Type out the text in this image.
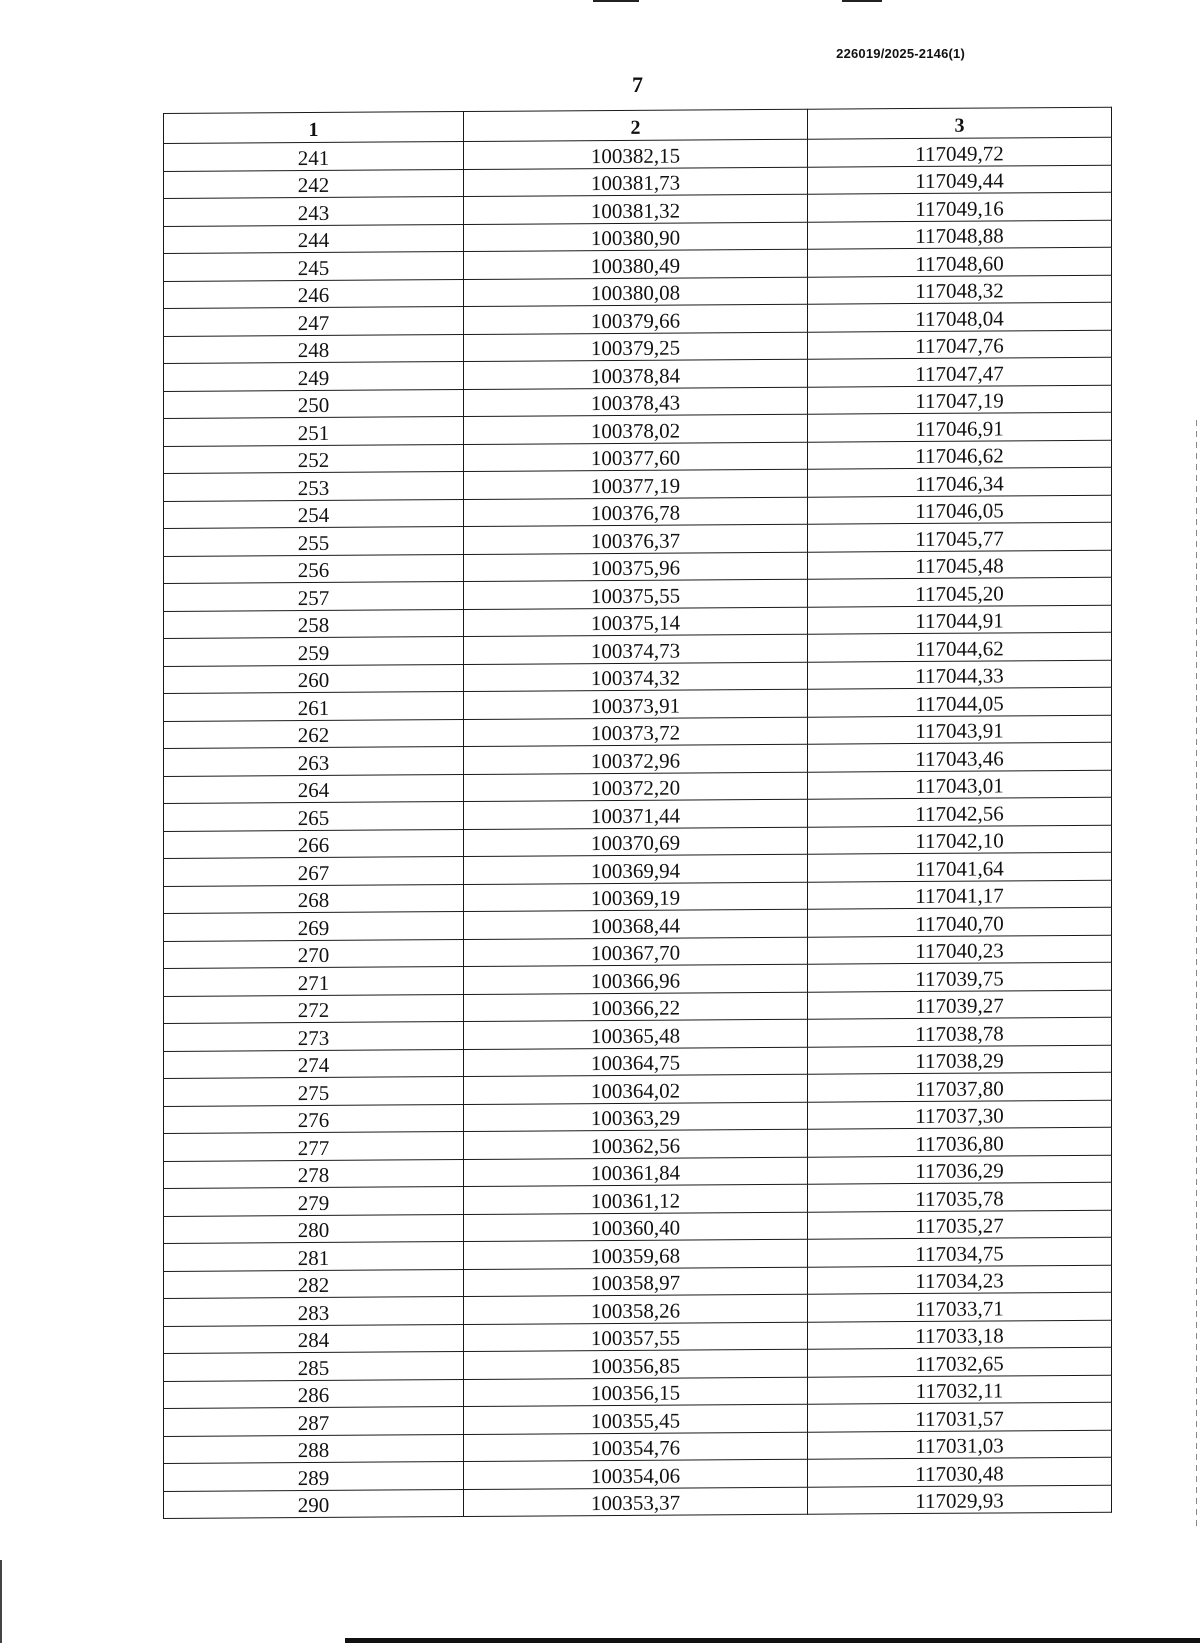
226019/2025-2146(1)
7
1	2	3
241	100382,15	117049,72
242	100381,73	117049,44
243	100381,32	117049,16
244	100380,90	117048,88
245	100380,49	117048,60
246	100380,08	117048,32
247	100379,66	117048,04
248	100379,25	117047,76
249	100378,84	117047,47
250	100378,43	117047,19
251	100378,02	117046,91
252	100377,60	117046,62
253	100377,19	117046,34
254	100376,78	117046,05
255	100376,37	117045,77
256	100375,96	117045,48
257	100375,55	117045,20
258	100375,14	117044,91
259	100374,73	117044,62
260	100374,32	117044,33
261	100373,91	117044,05
262	100373,72	117043,91
263	100372,96	117043,46
264	100372,20	117043,01
265	100371,44	117042,56
266	100370,69	117042,10
267	100369,94	117041,64
268	100369,19	117041,17
269	100368,44	117040,70
270	100367,70	117040,23
271	100366,96	117039,75
272	100366,22	117039,27
273	100365,48	117038,78
274	100364,75	117038,29
275	100364,02	117037,80
276	100363,29	117037,30
277	100362,56	117036,80
278	100361,84	117036,29
279	100361,12	117035,78
280	100360,40	117035,27
281	100359,68	117034,75
282	100358,97	117034,23
283	100358,26	117033,71
284	100357,55	117033,18
285	100356,85	117032,65
286	100356,15	117032,11
287	100355,45	117031,57
288	100354,76	117031,03
289	100354,06	117030,48
290	100353,37	117029,93
